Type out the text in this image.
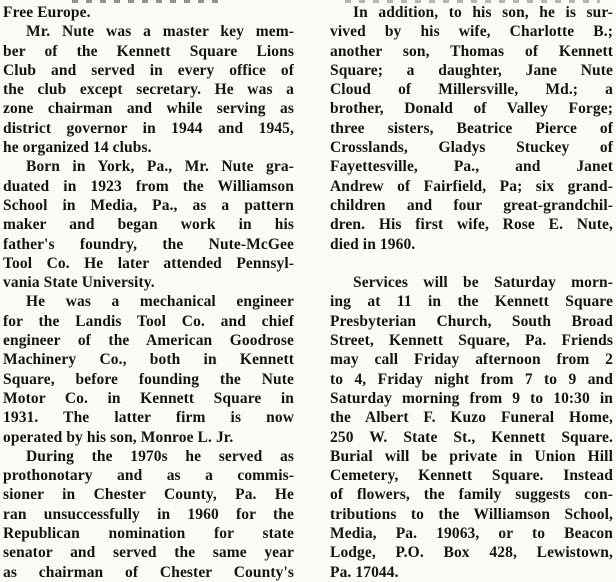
Free Europe.
Mr. Nute was a master key mem-
ber of the Kennett Square Lions
Club and served in every office of
the club except secretary. He was a
zone chairman and while serving as
district governor in 1944 and 1945,
he organized 14 clubs.
Born in York, Pa., Mr. Nute gra-
duated in 1923 from the Williamson
School in Media, Pa., as a pattern
maker and began work in his
father's foundry, the Nute-McGee
Tool Co. He later attended Pennsyl-
vania State University.
He was a mechanical engineer
for the Landis Tool Co. and chief
engineer of the American Goodrose
Machinery Co., both in Kennett
Square, before founding the Nute
Motor Co. in Kennett Square in
1931. The latter firm is now
operated by his son, Monroe L. Jr.
During the 1970s he served as
prothonotary and as a commis-
sioner in Chester County, Pa. He
ran unsuccessfully in 1960 for the
Republican nomination for state
senator and served the same year
as chairman of Chester County's
In addition, to his son, he is sur-
vived by his wife, Charlotte B.;
another son, Thomas of Kennett
Square; a daughter, Jane Nute
Cloud of Millersville, Md.; a
brother, Donald of Valley Forge;
three sisters, Beatrice Pierce of
Crosslands, Gladys Stuckey of
Fayettesville, Pa., and Janet
Andrew of Fairfield, Pa; six grand-
children and four great-grandchil-
dren. His first wife, Rose E. Nute,
died in 1960.
Services will be Saturday morn-
ing at 11 in the Kennett Square
Presbyterian Church, South Broad
Street, Kennett Square, Pa. Friends
may call Friday afternoon from 2
to 4, Friday night from 7 to 9 and
Saturday morning from 9 to 10:30 in
the Albert F. Kuzo Funeral Home,
250 W. State St., Kennett Square.
Burial will be private in Union Hill
Cemetery, Kennett Square. Instead
of flowers, the family suggests con-
tributions to the Williamson School,
Media, Pa. 19063, or to Beacon
Lodge, P.O. Box 428, Lewistown,
Pa. 17044.
